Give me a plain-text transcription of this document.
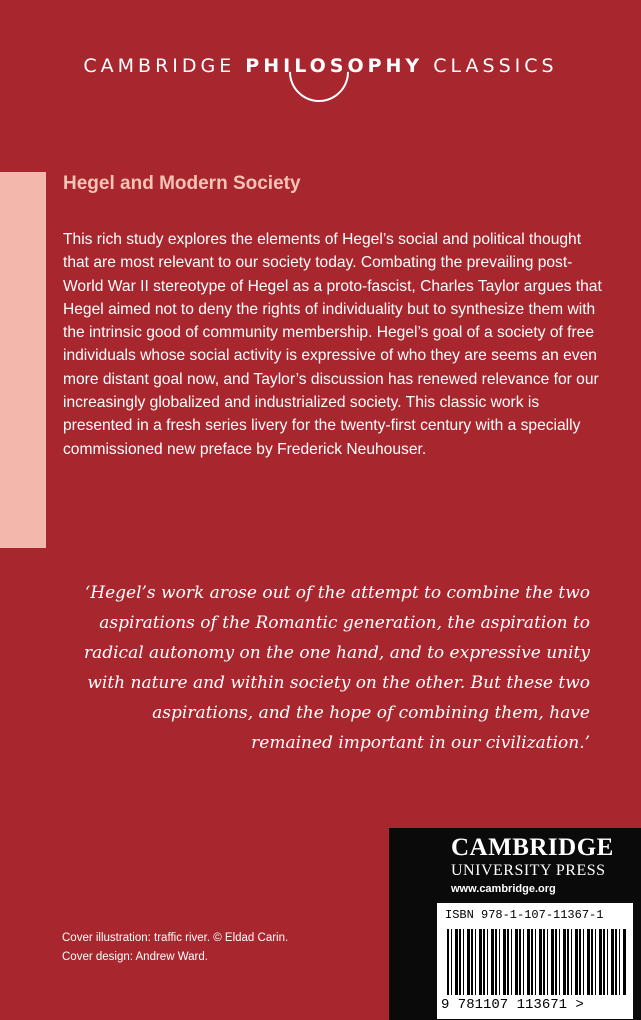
CAMBRIDGE PHILOSOPHY CLASSICS
Hegel and Modern Society
This rich study explores the elements of Hegel’s social and political thought that are most relevant to our society today. Combating the prevailing post-World War II stereotype of Hegel as a proto-fascist, Charles Taylor argues that Hegel aimed not to deny the rights of individuality but to synthesize them with the intrinsic good of community membership. Hegel’s goal of a society of free individuals whose social activity is expressive of who they are seems an even more distant goal now, and Taylor’s discussion has renewed relevance for our increasingly globalized and industrialized society. This classic work is presented in a fresh series livery for the twenty-first century with a specially commissioned new preface by Frederick Neuhouser.
‘Hegel’s work arose out of the attempt to combine the two aspirations of the Romantic generation, the aspiration to radical autonomy on the one hand, and to expressive unity with nature and within society on the other. But these two aspirations, and the hope of combining them, have remained important in our civilization.’
Cover illustration: traffic river. © Eldad Carin.
Cover design: Andrew Ward.
CAMBRIDGE
UNIVERSITY PRESS
www.cambridge.org
ISBN 978-1-107-11367-1
9 781107 113671 >
